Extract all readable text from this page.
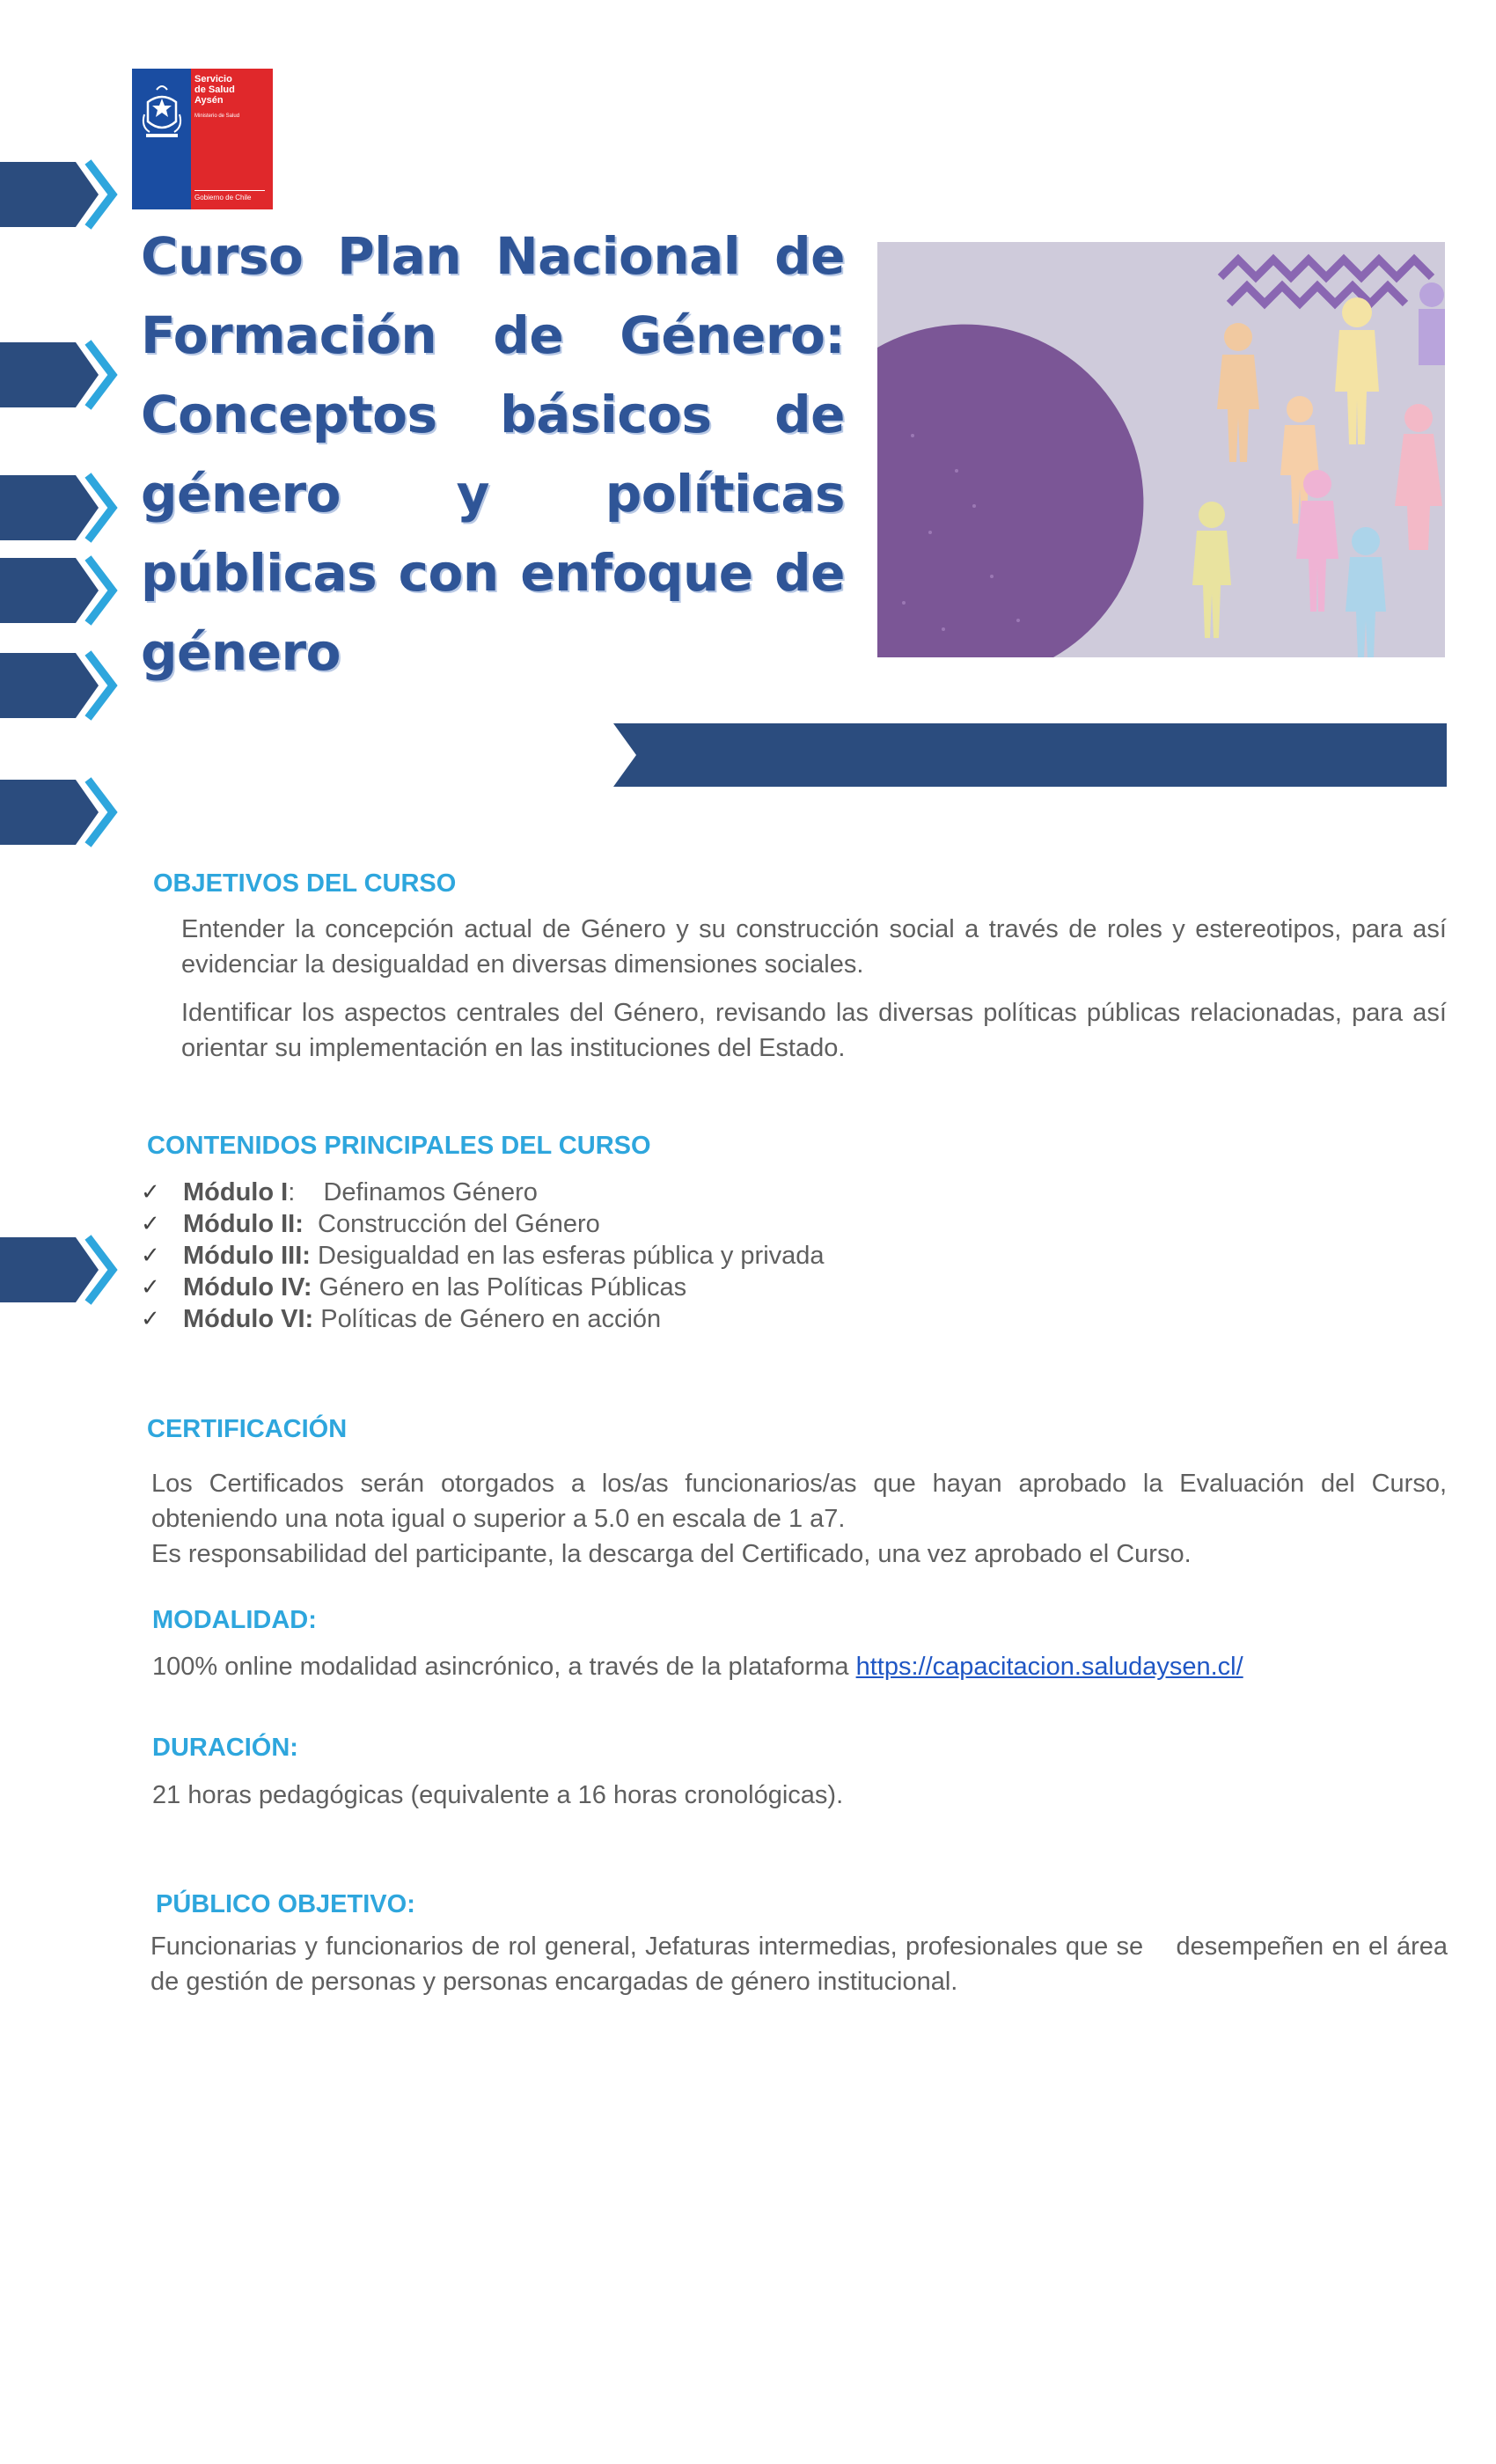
Servicio
de Salud
Aysén
Ministerio de Salud
Gobierno de Chile
Curso Plan Nacional de Formación de Género: Conceptos básicos de género y políticas públicas con enfoque de género
OBJETIVOS DEL CURSO
Entender la concepción actual de Género y su construcción social a través de roles y estereotipos, para así evidenciar la desigualdad en diversas dimensiones sociales.
Identificar los aspectos centrales del Género, revisando las diversas políticas públicas relacionadas, para así orientar su implementación en las instituciones del Estado.
CONTENIDOS PRINCIPALES DEL CURSO
✓ Módulo I: Definamos Género
✓ Módulo II: Construcción del Género
✓ Módulo III: Desigualdad en las esferas pública y privada
✓ Módulo IV: Género en las Políticas Públicas
✓ Módulo VI: Políticas de Género en acción
CERTIFICACIÓN
Los Certificados serán otorgados a los/as funcionarios/as que hayan aprobado la Evaluación del Curso, obteniendo una nota igual o superior a 5.0 en escala de 1 a7.
Es responsabilidad del participante, la descarga del Certificado, una vez aprobado el Curso.
MODALIDAD:
100% online modalidad asincrónico, a través de la plataforma https://capacitacion.saludaysen.cl/
DURACIÓN:
21 horas pedagógicas (equivalente a 16 horas cronológicas).
PÚBLICO OBJETIVO:
Funcionarias y funcionarios de rol general, Jefaturas intermedias, profesionales que se    desempeñen en el área de gestión de personas y personas encargadas de género institucional.
